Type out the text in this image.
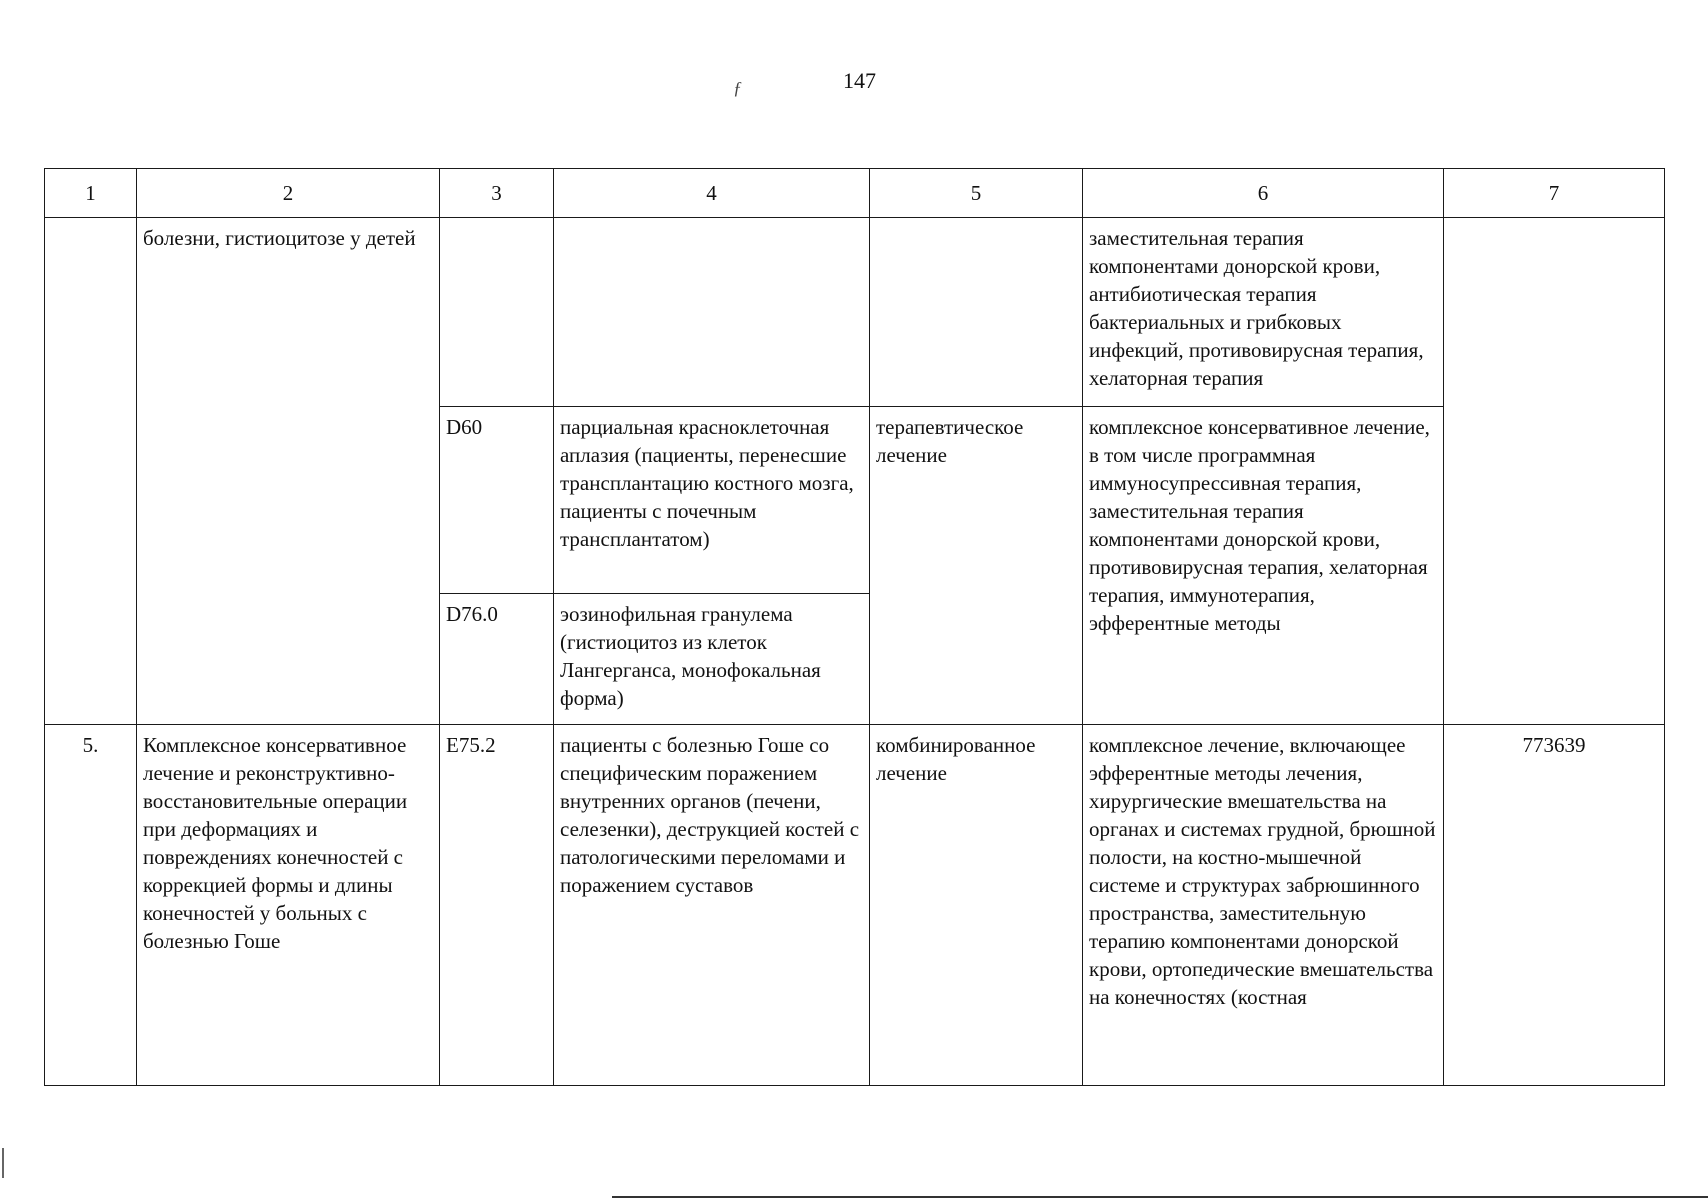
147
ƒ
1	2	3	4	5	6	7
	болезни, гистиоцитозе у детей				заместительная терапия компонентами донорской крови, антибиотическая терапия бактериальных и грибковых инфекций, противовирусная терапия, хелаторная терапия	
		D60	парциальная красноклеточная аплазия (пациенты, перенесшие трансплантацию костного мозга, пациенты с почечным трансплантатом)	терапевтическое лечение	комплексное консервативное лечение, в том числе программная иммуносупрессивная терапия, заместительная терапия компонентами донорской крови, противовирусная терапия, хелаторная терапия, иммунотерапия, эфферентные методы	
		D76.0	эозинофильная гранулема (гистиоцитоз из клеток Лангерганса, монофокальная форма)			
5.	Комплексное консервативное лечение и реконструктивно-восстановительные операции при деформациях и повреждениях конечностей с коррекцией формы и длины конечностей у больных с болезнью Гоше	E75.2	пациенты с болезнью Гоше со специфическим поражением внутренних органов (печени, селезенки), деструкцией костей с патологическими переломами и поражением суставов	комбинированное лечение	комплексное лечение, включающее эфферентные методы лечения, хирургические вмешательства на органах и системах грудной, брюшной полости, на костно-мышечной системе и структурах забрюшинного пространства, заместительную терапию компонентами донорской крови, ортопедические вмешательства на конечностях (костная	773639
